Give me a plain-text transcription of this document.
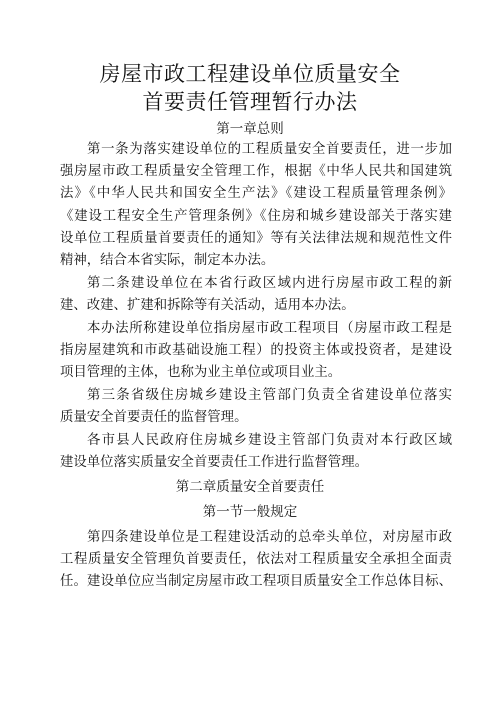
房屋市政工程建设单位质量安全
首要责任管理暂行办法
第一章总则
第一条为落实建设单位的工程质量安全首要责任，进一步加
强房屋市政工程质量安全管理工作，根据《中华人民共和国建筑
法》《中华人民共和国安全生产法》《建设工程质量管理条例》
《建设工程安全生产管理条例》《住房和城乡建设部关于落实建
设单位工程质量首要责任的通知》等有关法律法规和规范性文件
精神，结合本省实际，制定本办法。
第二条建设单位在本省行政区域内进行房屋市政工程的新
建、改建、扩建和拆除等有关活动，适用本办法。
本办法所称建设单位指房屋市政工程项目（房屋市政工程是
指房屋建筑和市政基础设施工程）的投资主体或投资者，是建设
项目管理的主体，也称为业主单位或项目业主。
第三条省级住房城乡建设主管部门负责全省建设单位落实
质量安全首要责任的监督管理。
各市县人民政府住房城乡建设主管部门负责对本行政区域
建设单位落实质量安全首要责任工作进行监督管理。
第二章质量安全首要责任
第一节一般规定
第四条建设单位是工程建设活动的总牵头单位，对房屋市政
工程质量安全管理负首要责任，依法对工程质量安全承担全面责
任。建设单位应当制定房屋市政工程项目质量安全工作总体目标、
